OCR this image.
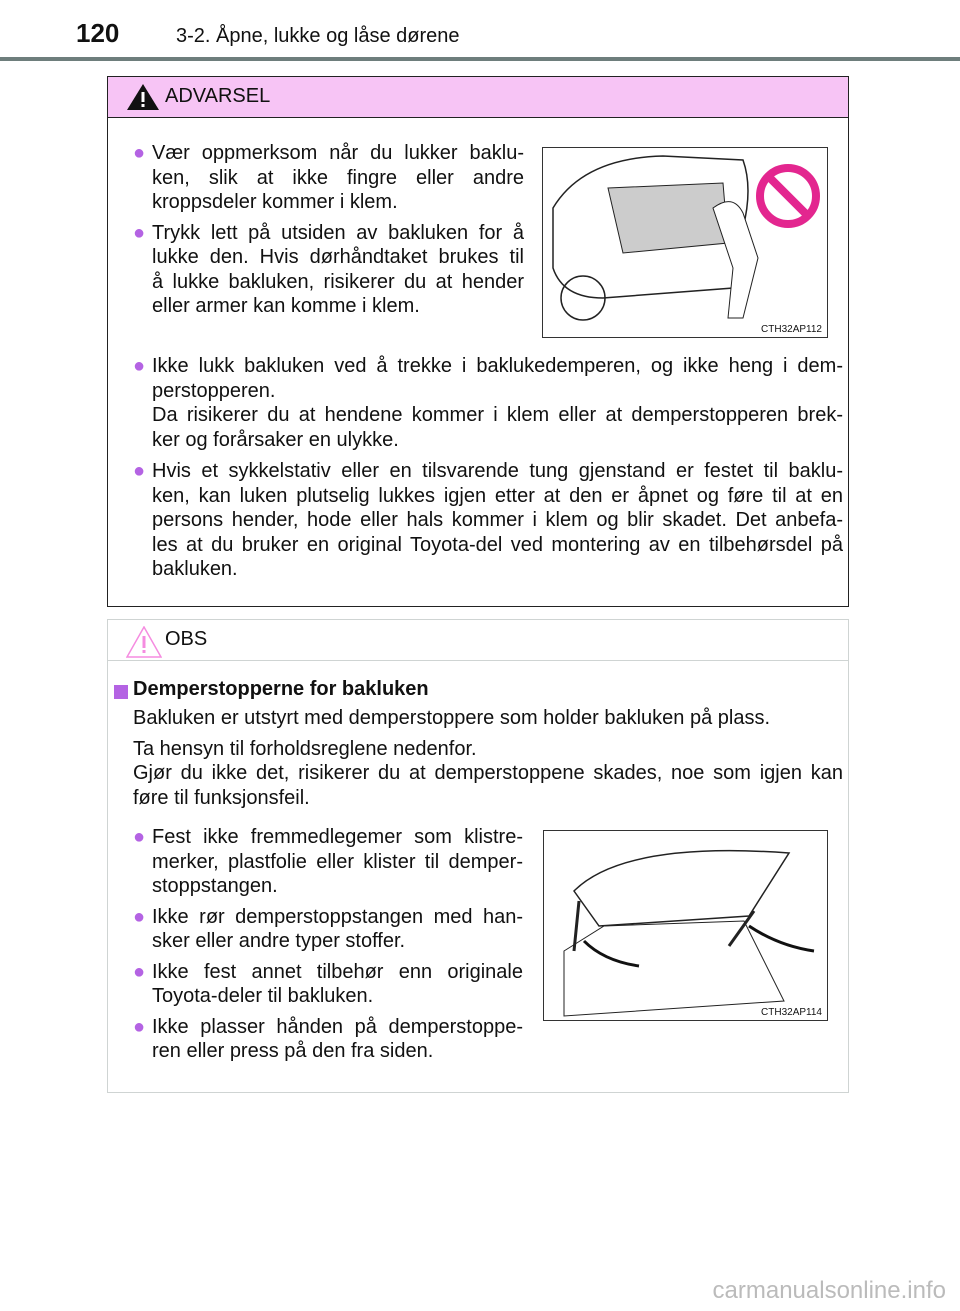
120	3-2. Åpne, lukke og låse dørene
ADVARSEL
CTH32AP112
● Vær oppmerksom når du lukker baklu-
ken, slik at ikke fingre eller andre
kroppsdeler kommer i klem.
● Trykk lett på utsiden av bakluken for å
lukke den. Hvis dørhåndtaket brukes til
å lukke bakluken, risikerer du at hender
eller armer kan komme i klem.
● Ikke lukk bakluken ved å trekke i baklukedemperen, og ikke heng i dem-
perstopperen.
Da risikerer du at hendene kommer i klem eller at demperstopperen brek-
ker og forårsaker en ulykke.
● Hvis et sykkelstativ eller en tilsvarende tung gjenstand er festet til baklu-
ken, kan luken plutselig lukkes igjen etter at den er åpnet og føre til at en
persons hender, hode eller hals kommer i klem og blir skadet. Det anbefa-
les at du bruker en original Toyota-del ved montering av en tilbehørsdel på
bakluken.
OBS
Demperstopperne for bakluken
CTH32AP114
Bakluken er utstyrt med demperstoppere som holder bakluken på plass.
Ta hensyn til forholdsreglene nedenfor.
Gjør du ikke det, risikerer du at demperstoppene skades, noe som igjen kan
føre til funksjonsfeil.
● Fest ikke fremmedlegemer som klistre-
merker, plastfolie eller klister til demper-
stoppstangen.
● Ikke rør demperstoppstangen med han-
sker eller andre typer stoffer.
● Ikke fest annet tilbehør enn originale
Toyota-deler til bakluken.
● Ikke plasser hånden på demperstoppe-
ren eller press på den fra siden.
carmanualsonline.info
